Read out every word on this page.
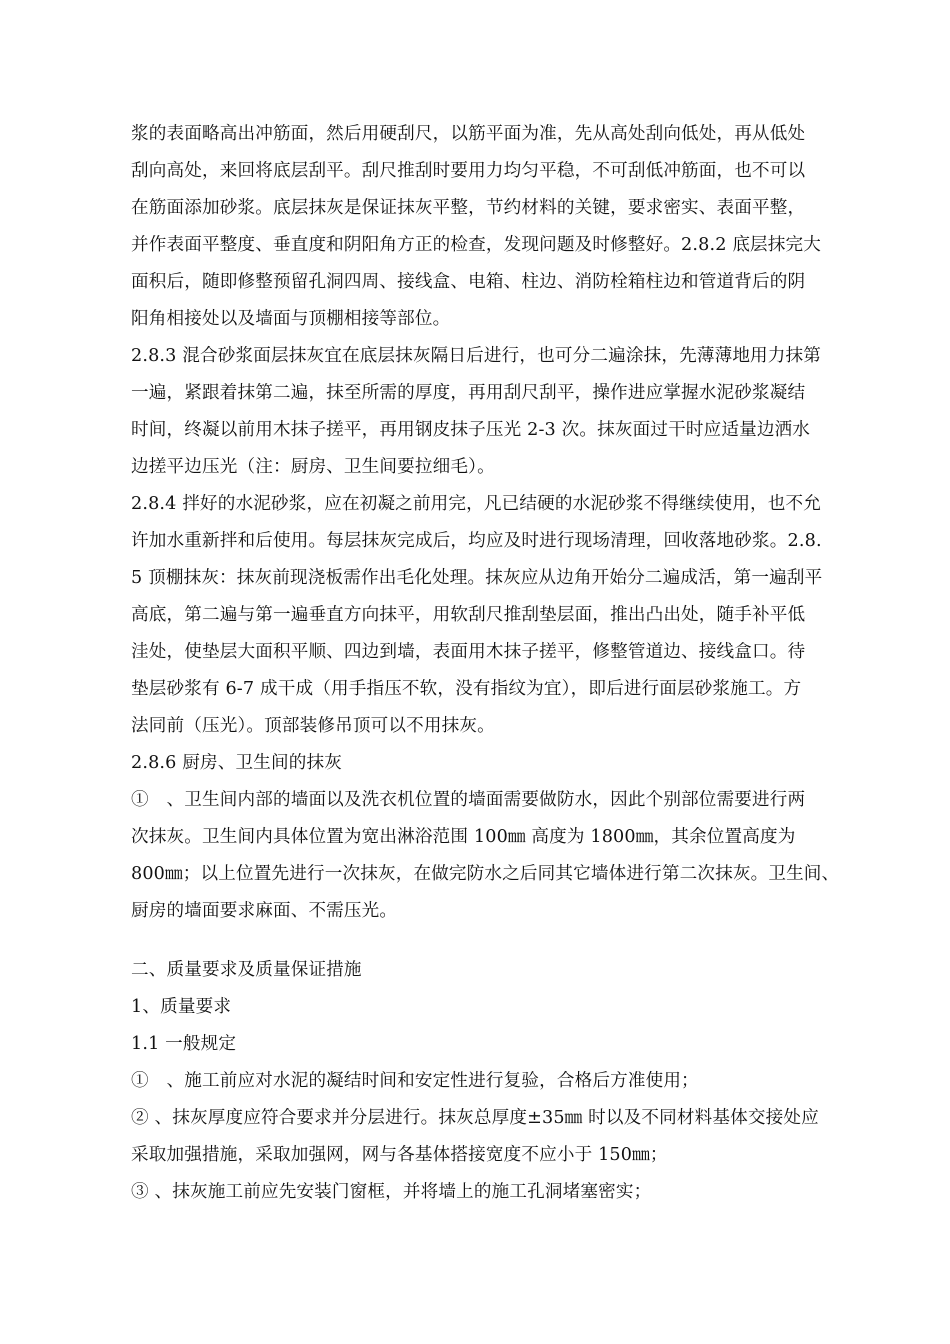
浆的表面略高出冲筋面，然后用硬刮尺，以筋平面为准，先从高处刮向低处，再从低处

刮向高处，来回将底层刮平。刮尺推刮时要用力均匀平稳，不可刮低冲筋面，也不可以

在筋面添加砂浆。底层抹灰是保证抹灰平整，节约材料的关键，要求密实、表面平整，

并作表面平整度、垂直度和阴阳角方正的检查，发现问题及时修整好。2.8.2 底层抹完大

面积后，随即修整预留孔洞四周、接线盒、电箱、柱边、消防栓箱柱边和管道背后的阴

阳角相接处以及墙面与顶棚相接等部位。

2.8.3 混合砂浆面层抹灰宜在底层抹灰隔日后进行，也可分二遍涂抹，先薄薄地用力抹第

一遍，紧跟着抹第二遍，抹至所需的厚度，再用刮尺刮平，操作进应掌握水泥砂浆凝结

时间，终凝以前用木抹子搓平，再用钢皮抹子压光 2-3 次。抹灰面过干时应适量边洒水

边搓平边压光（注：厨房、卫生间要拉细毛）。

2.8.4 拌好的水泥砂浆，应在初凝之前用完，凡已结硬的水泥砂浆不得继续使用，也不允

许加水重新拌和后使用。每层抹灰完成后，均应及时进行现场清理，回收落地砂浆。2.8.

5 顶棚抹灰：抹灰前现浇板需作出毛化处理。抹灰应从边角开始分二遍成活，第一遍刮平

高底，第二遍与第一遍垂直方向抹平，用软刮尺推刮垫层面，推出凸出处，随手补平低

洼处，使垫层大面积平顺、四边到墙，表面用木抹子搓平，修整管道边、接线盒口。待

垫层砂浆有 6-7 成干成（用手指压不软，没有指纹为宜），即后进行面层砂浆施工。方

法同前（压光）。顶部装修吊顶可以不用抹灰。

2.8.6 厨房、卫生间的抹灰

①　、卫生间内部的墙面以及洗衣机位置的墙面需要做防水，因此个别部位需要进行两

次抹灰。卫生间内具体位置为宽出淋浴范围 100㎜ 高度为 1800㎜，其余位置高度为

800㎜；以上位置先进行一次抹灰，在做完防水之后同其它墙体进行第二次抹灰。卫生间、

厨房的墙面要求麻面、不需压光。

二、质量要求及质量保证措施

1、质量要求

1.1 一般规定

①　、施工前应对水泥的凝结时间和安定性进行复验，合格后方准使用；

② 、抹灰厚度应符合要求并分层进行。抹灰总厚度±35㎜ 时以及不同材料基体交接处应

采取加强措施，采取加强网，网与各基体搭接宽度不应小于 150㎜；

③ 、抹灰施工前应先安装门窗框，并将墙上的施工孔洞堵塞密实；
